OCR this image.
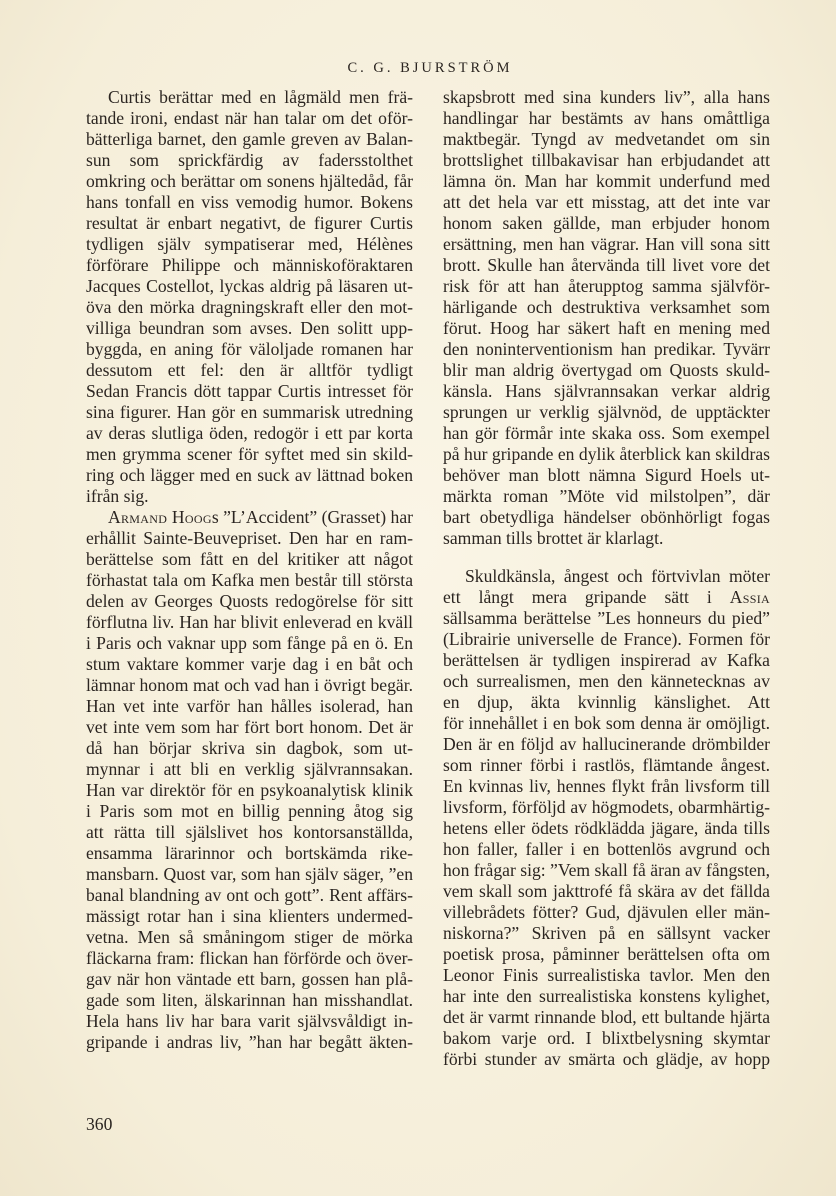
C. G. BJURSTRÖM
Curtis berättar med en lågmäld men frä-
tande ironi, endast när han talar om det oför-
bätterliga barnet, den gamle greven av Balan-
sun som sprickfärdig av fadersstolthet
omkring och berättar om sonens hjältedåd, får
hans tonfall en viss vemodig humor. Bokens
resultat är enbart negativt, de figurer Curtis
tydligen själv sympatiserar med, Hélènes
förförare Philippe och människoföraktaren
Jacques Costellot, lyckas aldrig på läsaren ut-
öva den mörka dragningskraft eller den mot-
villiga beundran som avses. Den solitt upp-
byggda, en aning för väloljade romanen har
dessutom ett fel: den är alltför tydligt
Sedan Francis dött tappar Curtis intresset för
sina figurer. Han gör en summarisk utredning
av deras slutliga öden, redogör i ett par korta
men grymma scener för syftet med sin skild-
ring och lägger med en suck av lättnad boken
ifrån sig.
Armand Hoogs ”L’Accident” (Grasset) har
erhållit Sainte-Beuvepriset. Den har en ram-
berättelse som fått en del kritiker att något
förhastat tala om Kafka men består till största
delen av Georges Quosts redogörelse för sitt
förflutna liv. Han har blivit enleverad en kväll
i Paris och vaknar upp som fånge på en ö. En
stum vaktare kommer varje dag i en båt och
lämnar honom mat och vad han i övrigt begär.
Han vet inte varför han hålles isolerad, han
vet inte vem som har fört bort honom. Det är
då han börjar skriva sin dagbok, som ut-
mynnar i att bli en verklig självrannsakan.
Han var direktör för en psykoanalytisk klinik
i Paris som mot en billig penning åtog sig
att rätta till själslivet hos kontorsanställda,
ensamma lärarinnor och bortskämda rike-
mansbarn. Quost var, som han själv säger, ”en
banal blandning av ont och gott”. Rent affärs-
mässigt rotar han i sina klienters undermed-
vetna. Men så småningom stiger de mörka
fläckarna fram: flickan han förförde och över-
gav när hon väntade ett barn, gossen han plå-
gade som liten, älskarinnan han misshandlat.
Hela hans liv har bara varit självsvåldigt in-
gripande i andras liv, ”han har begått äkten-
skapsbrott med sina kunders liv”, alla hans
handlingar har bestämts av hans omåttliga
maktbegär. Tyngd av medvetandet om sin
brottslighet tillbakavisar han erbjudandet att
lämna ön. Man har kommit underfund med
att det hela var ett misstag, att det inte var
honom saken gällde, man erbjuder honom
ersättning, men han vägrar. Han vill sona sitt
brott. Skulle han återvända till livet vore det
risk för att han återupptog samma självför-
härligande och destruktiva verksamhet som
förut. Hoog har säkert haft en mening med
den noninterventionism han predikar. Tyvärr
blir man aldrig övertygad om Quosts skuld-
känsla. Hans självrannsakan verkar aldrig
sprungen ur verklig självnöd, de upptäckter
han gör förmår inte skaka oss. Som exempel
på hur gripande en dylik återblick kan skildras
behöver man blott nämna Sigurd Hoels ut-
märkta roman ”Möte vid milstolpen”, där
bart obetydliga händelser obönhörligt fogas
samman tills brottet är klarlagt.
Skuldkänsla, ångest och förtvivlan möter
ett långt mera gripande sätt i Assia
sällsamma berättelse ”Les honneurs du pied”
(Librairie universelle de France). Formen för
berättelsen är tydligen inspirerad av Kafka
och surrealismen, men den kännetecknas av
en djup, äkta kvinnlig känslighet. Att
för innehållet i en bok som denna är omöjligt.
Den är en följd av hallucinerande drömbilder
som rinner förbi i rastlös, flämtande ångest.
En kvinnas liv, hennes flykt från livsform till
livsform, förföljd av högmodets, obarmhärtig-
hetens eller ödets rödklädda jägare, ända tills
hon faller, faller i en bottenlös avgrund och
hon frågar sig: ”Vem skall få äran av fångsten,
vem skall som jakttrofé få skära av det fällda
villebrådets fötter? Gud, djävulen eller män-
niskorna?” Skriven på en sällsynt vacker
poetisk prosa, påminner berättelsen ofta om
Leonor Finis surrealistiska tavlor. Men den
har inte den surrealistiska konstens kylighet,
det är varmt rinnande blod, ett bultande hjärta
bakom varje ord. I blixtbelysning skymtar
förbi stunder av smärta och glädje, av hopp
360
